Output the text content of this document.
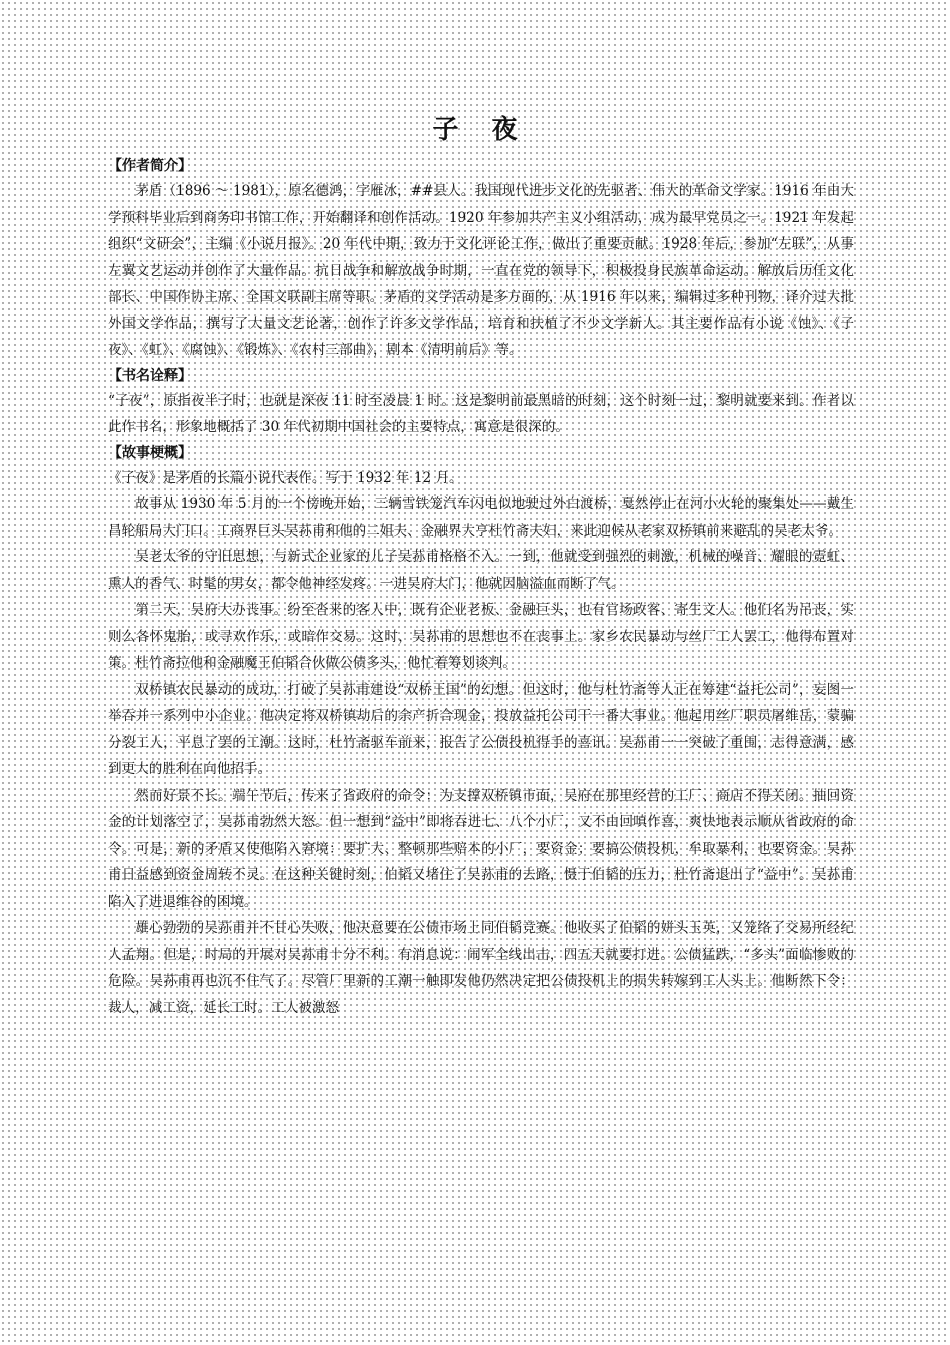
子 夜
【作者简介】

茅盾（1896 ～ 1981），原名德鸿，字雁冰，##县人。我国现代进步文化的先驱者、伟大的革命文学家。1916 年由大学预科毕业后到商务印书馆工作，开始翻译和创作活动。1920 年参加共产主义小组活动，成为最早党员之一。1921 年发起组织“文研会”，主编《小说月报》。20 年代中期，致力于文化评论工作，做出了重要贡献。1928 年后，参加“左联”，从事左翼文艺运动并创作了大量作品。抗日战争和解放战争时期，一直在党的领导下，积极投身民族革命运动。解放后历任文化部长、中国作协主席、全国文联副主席等职。茅盾的文学活动是多方面的，从 1916 年以来，编辑过多种刊物，译介过大批外国文学作品，撰写了大量文艺论著，创作了许多文学作品，培育和扶植了不少文学新人。其主要作品有小说《蚀》、《子夜》、《虹》、《腐蚀》、《锻炼》、《农村三部曲》，剧本《清明前后》等。

【书名诠释】

“子夜”，原指夜半子时，也就是深夜 11 时至凌晨 1 时。这是黎明前最黑暗的时刻，这个时刻一过，黎明就要来到。作者以此作书名，形象地概括了 30 年代初期中国社会的主要特点，寓意是很深的。

【故事梗概】

《子夜》是茅盾的长篇小说代表作。写于 1932 年 12 月。

故事从 1930 年 5 月的一个傍晚开始，三辆雪铁笼汽车闪电似地驶过外白渡桥，戛然停止在河小火轮的聚集处——戴生昌轮船局大门口。工商界巨头吴荪甫和他的二姐夫、金融界大亨杜竹斋夫妇，来此迎候从老家双桥镇前来避乱的吴老太爷。

吴老太爷的守旧思想，与新式企业家的儿子吴荪甫格格不入。一到，他就受到强烈的刺激，机械的噪音、耀眼的霓虹、熏人的香气、时髦的男女，都令他神经发疼。一进吴府大门，他就因脑溢血而断了气。

第二天，吴府大办丧事。纷至沓来的客人中，既有企业老板、金融巨头，也有官场政客、寄生文人。他们名为吊丧，实则么各怀鬼胎，或寻欢作乐，或暗作交易。这时，吴荪甫的思想也不在丧事上。家乡农民暴动与丝厂工人罢工，他得布置对策。杜竹斋拉他和金融魔王伯韬合伙做公债多头，他忙着筹划谈判。

双桥镇农民暴动的成功，打破了吴荪甫建设“双桥王国”的幻想。但这时，他与杜竹斋等人正在筹建“益托公司”，妄图一举吞并一系列中小企业。他决定将双桥镇劫后的余产折合现金，投放益托公司干一番大事业。他起用丝厂职员屠维岳，蒙骗分裂工人，平息了罢的工潮。这时，杜竹斋驱车前来，报告了公债投机得手的喜讯。吴荪甫一一突破了重围，志得意满，感到更大的胜利在向他招手。

然而好景不长。端午节后，传来了省政府的命令：为支撑双桥镇市面，吴府在那里经营的工厂、商店不得关闭。抽回资金的计划落空了，吴荪甫勃然大怒。但一想到“益中”即将吞进七、八个小厂，又不由回嗔作喜，爽快地表示顺从省政府的命令。可是，新的矛盾又使他陷入窘境：要扩大、整顿那些赔本的小厂，要资金；要搞公债投机，牟取暴利，也要资金。吴荪甫日益感到资金周转不灵。在这种关键时刻，伯韬又堵住了吴荪甫的去路，慑于伯韬的压力，杜竹斋退出了“益中”。吴荪甫陷入了进退维谷的困境。

雄心勃勃的吴荪甫并不甘心失败，他决意要在公债市场上同伯韬竞赛。他收买了伯韬的姘头玉英，又笼络了交易所经纪人孟翔。但是，时局的开展对吴荪甫十分不利。有消息说：闹军全线出击，四五天就要打进。公债猛跌，“多头”面临惨败的危险。吴荪甫再也沉不住气了。尽管厂里新的工潮一触即发他仍然决定把公债投机上的损失转嫁到工人头上。他断然下令：裁人，减工资，延长工时。工人被激怒
